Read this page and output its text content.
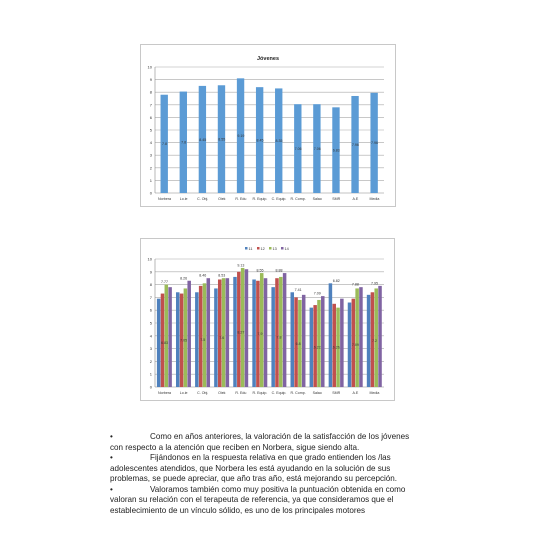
Jóvenes
0
1
2
3
4
5
6
7
8
9
10
Norbera Lo.ie	C. Obj.	Oiek	R. Edu R. Equip. C. Equip. R. Comp. Salao	SMR	A.E	Media
7.8	7.8
8.45	8.55
9.19
8.45	8.35
7.06	7.06	6.83
7.96	7.96
0
1
2
3
4
5
6
7
8
9
10
Norbera Lo.ie	C. Obj.	Oiek	R. Edu R. Equip. C. Equip. R. Comp. Salao	SMR	A.E	Media
7.77
8.26
8.46	8.53
9.13
8.55	8.88
7.41
7.09
6.82
7.88	7.95
6.83
7.05	7.5	7.6
8.27	7.9
7.8
6.8
6.22	6.26
7.09
7.2
11 12 13 14

•	Como en años anteriores, la valoración de la satisfacción de los jóvenes con respecto a la atención que reciben en Norbera, sigue siendo alta.

•	Fijándonos en la respuesta relativa en que grado entienden los /las adolescentes atendidos, que Norbera les está ayudando en la solución de sus problemas, se puede apreciar, que año tras año, está mejorando su percepción.

•	Valoramos también como muy positiva la puntuación obtenida en como valoran su relación con el terapeuta de referencia, ya que consideramos que el establecimiento de un vínculo sólido, es uno de los principales motores
